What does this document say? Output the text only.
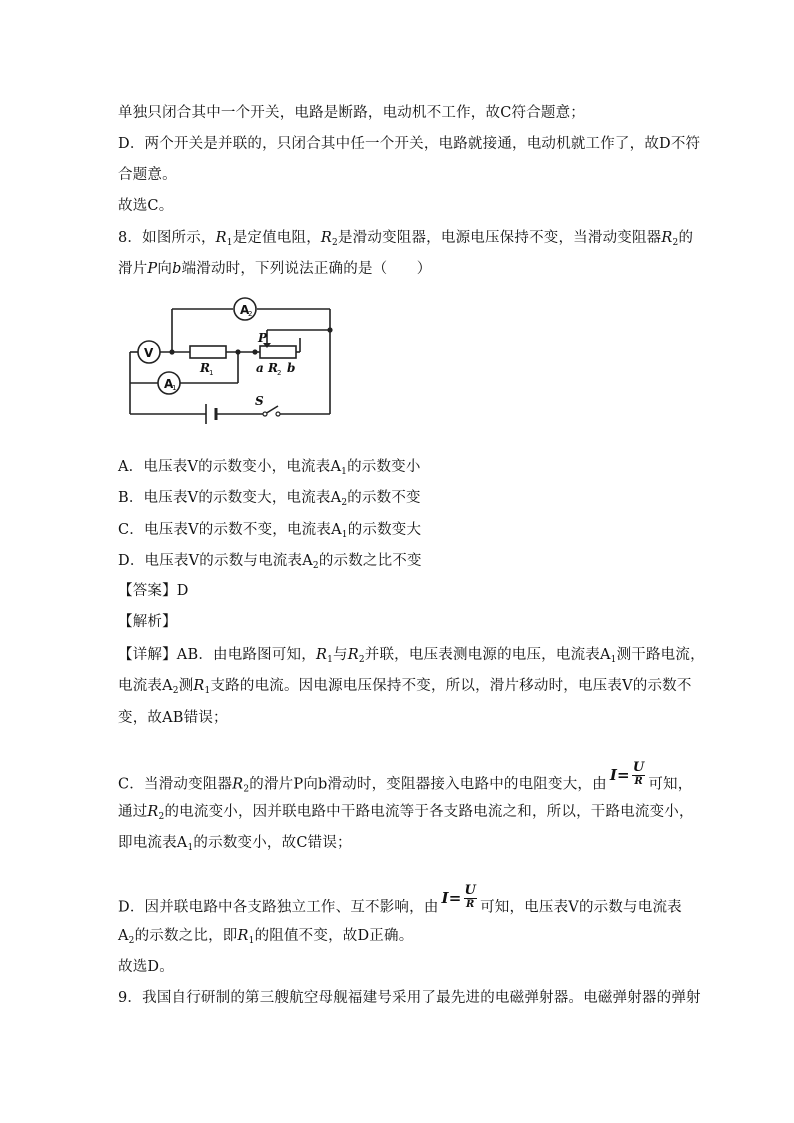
单独只闭合其中一个开关，电路是断路，电动机不工作，故C符合题意；
D．两个开关是并联的，只闭合其中任一个开关，电路就接通，电动机就工作了，故D不符
合题意。
故选C。
8．如图所示，$R_1$是定值电阻，$R_2$是滑动变阻器，电源电压保持不变，当滑动变阻器$R_2$的
滑片P向b端滑动时，下列说法正确的是（　　）
A
2
V
A
1
R 1
P
a R 2 b
S
A．电压表V的示数变小，电流表$A_1$的示数变小
B．电压表V的示数变大，电流表$A_2$的示数不变
C．电压表V的示数不变，电流表$A_1$的示数变大
D．电压表V的示数与电流表$A_2$的示数之比不变
【答案】D
【解析】
【详解】AB．由电路图可知，$R_1$与$R_2$并联，电压表测电源的电压，电流表$A_1$测干路电流，
电流表$A_2$测$R_1$支路的电流。因电源电压保持不变，所以，滑片移动时，电压表V的示数不
变，故AB错误；
C．当滑动变阻器$R_2$的滑片P向b滑动时，变阻器接入电路中的电阻变大，由$I= \frac{U}{R}$ 可知，
通过$R_2$的电流变小，因并联电路中干路电流等于各支路电流之和，所以，干路电流变小，
即电流表$A_1$的示数变小，故C错误；
D．因并联电路中各支路独立工作、互不影响，由$I= \frac{U}{R}$ 可知，电压表V的示数与电流表
$A_2$的示数之比，即$R_1$的阻值不变，故D正确。
故选D。
9．我国自行研制的第三艘航空母舰福建号采用了最先进的电磁弹射器。电磁弹射器的弹射
